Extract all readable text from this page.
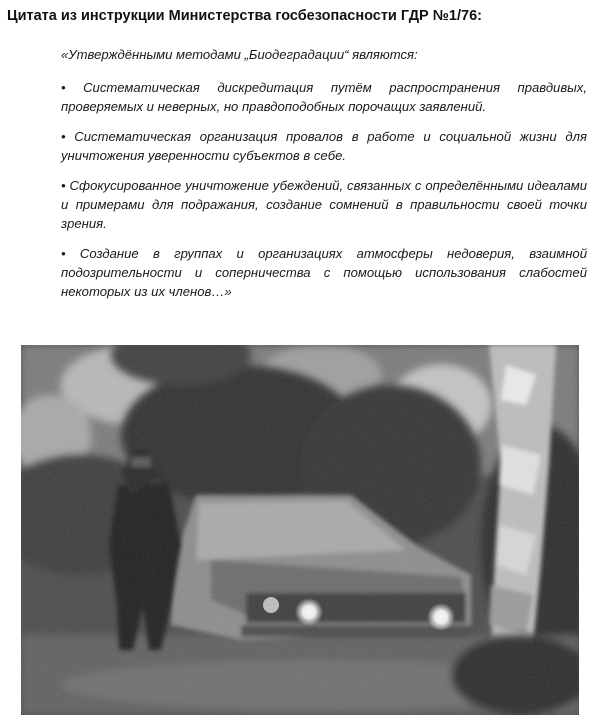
Цитата из инструкции Министерства госбезопасности ГДР №1/76:

«Утверждёнными методами „Биодеградации“ являются:

• Систематическая дискредитация путём распространения правдивых, проверяемых и неверных, но правдоподобных порочащих заявлений.

• Систематическая организация провалов в работе и социальной жизни для уничтожения уверенности субъектов в себе.

• Сфокусированное уничтожение убеждений, связанных с определёнными идеалами и примерами для подражания, создание сомнений в правильности своей точки зрения.

• Создание в группах и организациях атмосферы недоверия, взаимной подозрительности и соперничества с помощью использования слабостей некоторых из их членов…»
